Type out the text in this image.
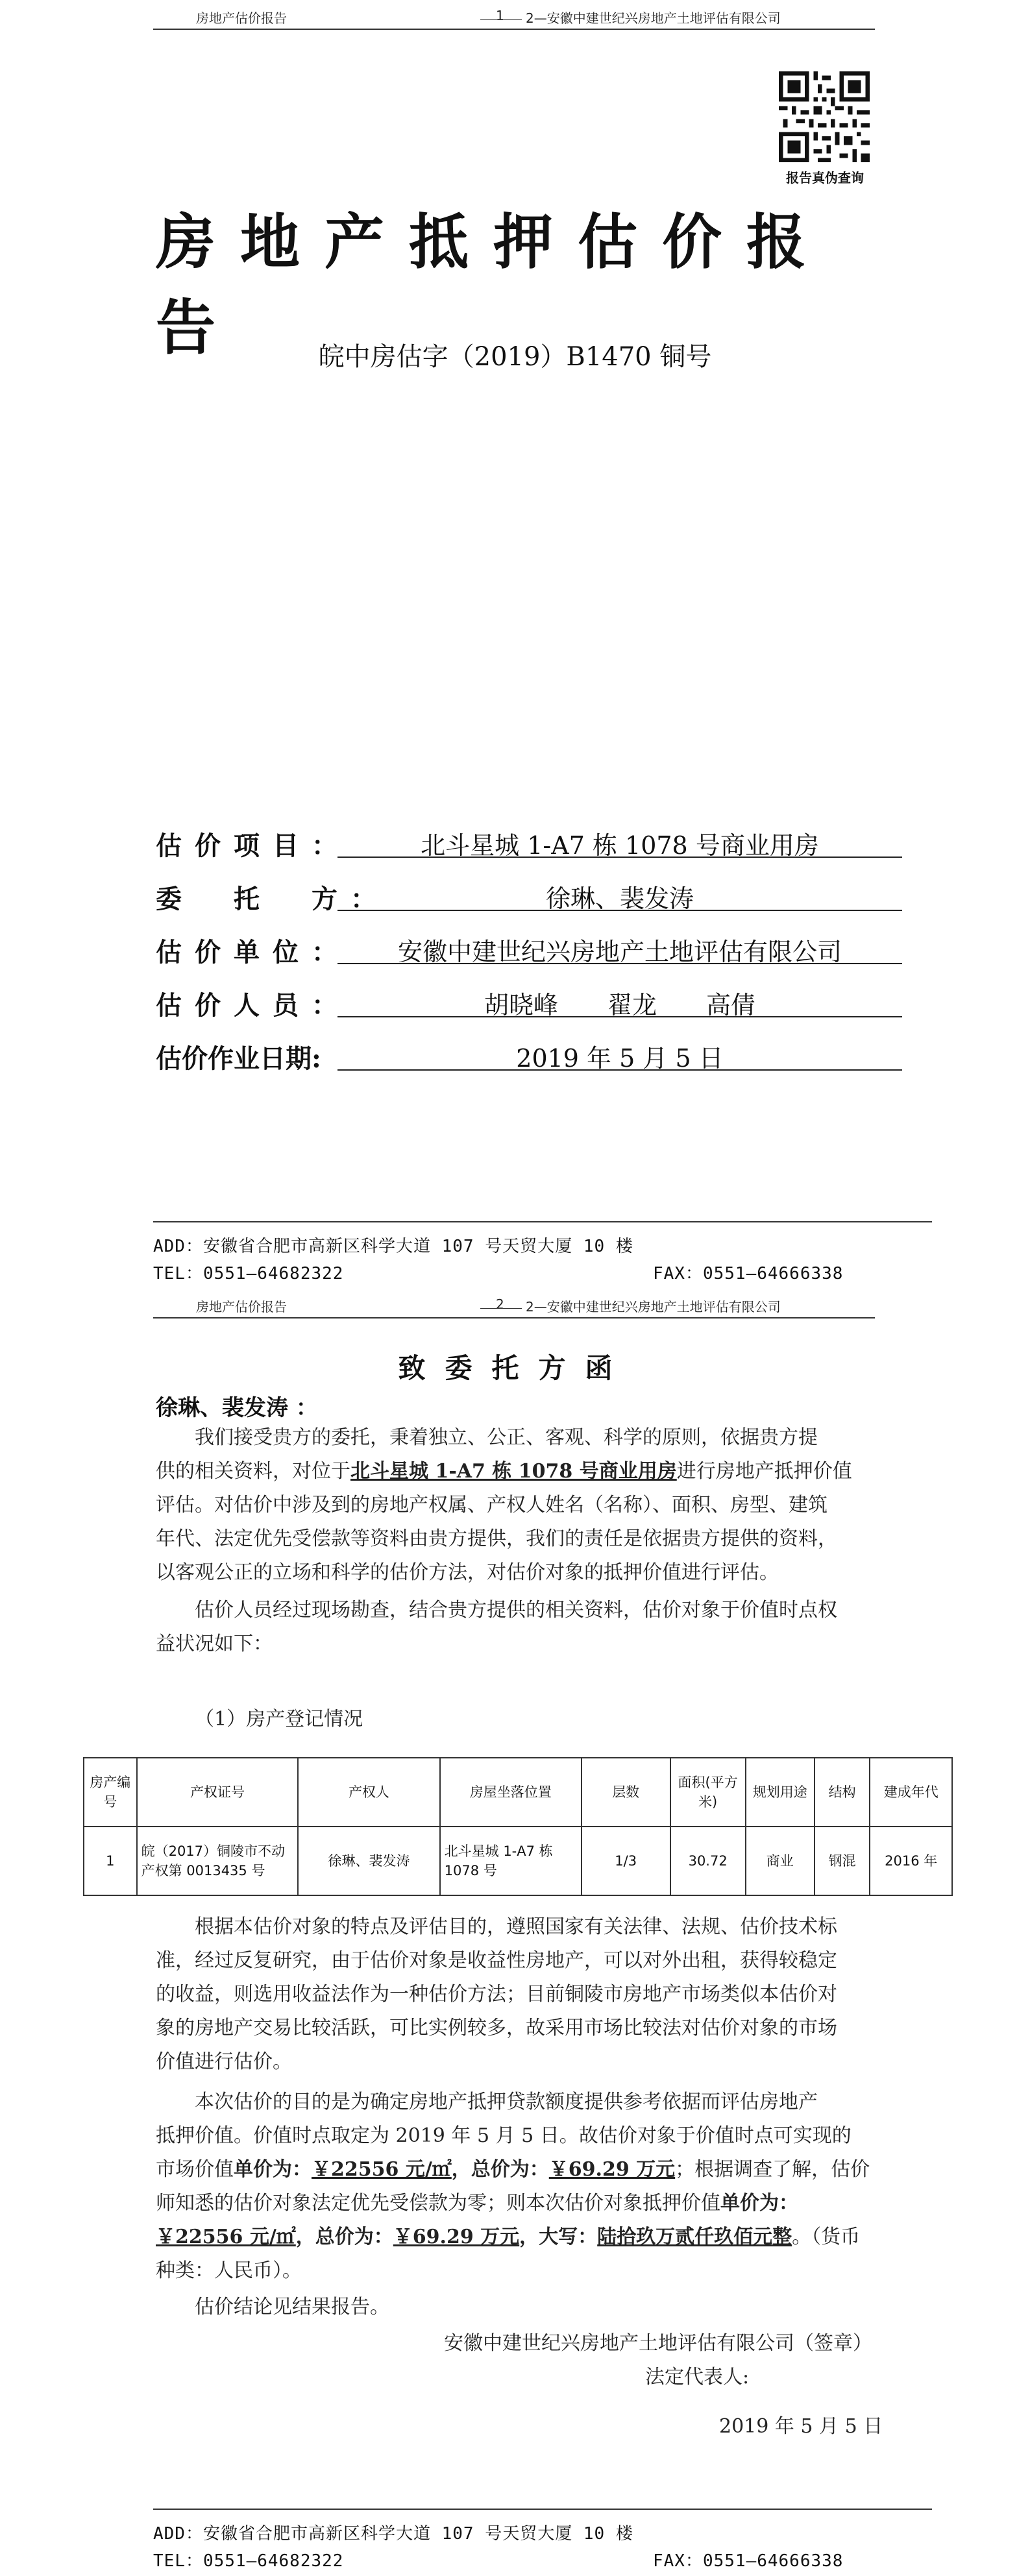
房地产估价报告	1 2—安徽中建世纪兴房地产土地评估有限公司
报告真伪查询
房地产抵押估价报告	皖中房估字（2019）B1470 铜号
估价项目：	北斗星城 1-A7 栋 1078 号商业用房
委　托　方：	徐琳、裴发涛
估价单位：	安徽中建世纪兴房地产土地评估有限公司
估价人员：	胡晓峰　　翟龙　　高倩
估价作业日期:	2019 年 5 月 5 日
ADD：安徽省合肥市高新区科学大道 107 号天贸大厦 10 楼
TEL：0551—64682322	FAX：0551—64666338
房地产估价报告	2 2—安徽中建世纪兴房地产土地评估有限公司
致委托方函
徐琳、裴发涛 ：
我们接受贵方的委托，秉着独立、公正、客观、科学的原则，依据贵方提
供的相关资料，对位于北斗星城 1-A7 栋 1078 号商业用房进行房地产抵押价值
评估。对估价中涉及到的房地产权属、产权人姓名（名称）、面积、房型、建筑
年代、法定优先受偿款等资料由贵方提供，我们的责任是依据贵方提供的资料，
以客观公正的立场和科学的估价方法，对估价对象的抵押价值进行评估。
估价人员经过现场勘查，结合贵方提供的相关资料，估价对象于价值时点权
益状况如下：
（1）房产登记情况
房产编号	产权证号	产权人	房屋坐落位置	层数	面积(平方米)	规划用途	结构	建成年代
1	皖（2017）铜陵市不动产权第 0013435 号	徐琳、裴发涛	北斗星城 1-A7 栋 1078 号	1/3	30.72	商业	钢混	2016 年
根据本估价对象的特点及评估目的，遵照国家有关法律、法规、估价技术标
准，经过反复研究，由于估价对象是收益性房地产，可以对外出租，获得较稳定
的收益，则选用收益法作为一种估价方法；目前铜陵市房地产市场类似本估价对
象的房地产交易比较活跃，可比实例较多，故采用市场比较法对估价对象的市场
价值进行估价。
本次估价的目的是为确定房地产抵押贷款额度提供参考依据而评估房地产
抵押价值。价值时点取定为 2019 年 5 月 5 日。故估价对象于价值时点可实现的
市场价值单价为：￥22556 元/㎡，总价为：￥69.29 万元；根据调查了解，估价
师知悉的估价对象法定优先受偿款为零；则本次估价对象抵押价值单价为：
￥22556 元/㎡，总价为：￥69.29 万元，大写：陆拾玖万贰仟玖佰元整。（货币
种类：人民币）。
估价结论见结果报告。
安徽中建世纪兴房地产土地评估有限公司（签章）
法定代表人:
2019 年 5 月 5 日
ADD：安徽省合肥市高新区科学大道 107 号天贸大厦 10 楼
TEL：0551—64682322	FAX：0551—64666338
